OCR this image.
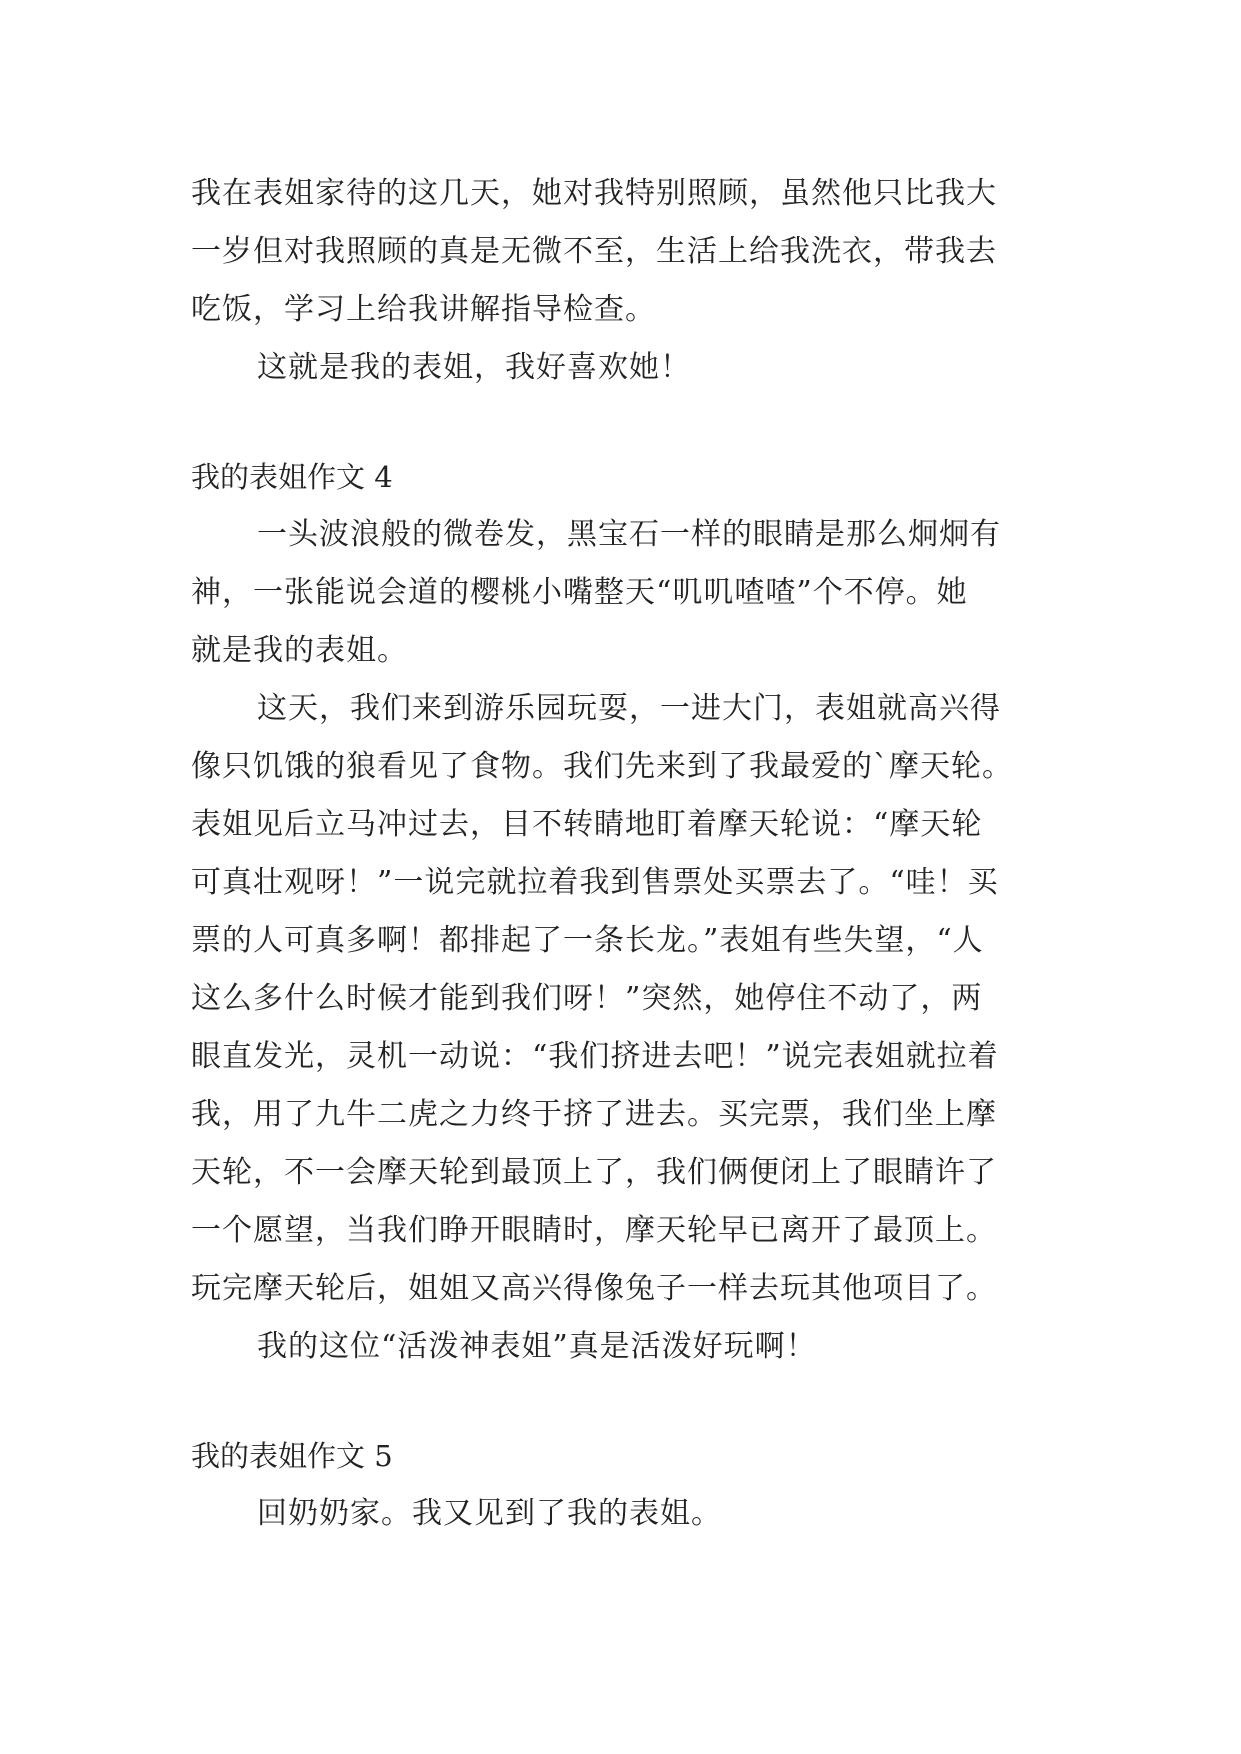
我在表姐家待的这几天，她对我特别照顾，虽然他只比我大
一岁但对我照顾的真是无微不至，生活上给我洗衣，带我去
吃饭，学习上给我讲解指导检查。
这就是我的表姐，我好喜欢她！
我的表姐作文 4
一头波浪般的微卷发，黑宝石一样的眼睛是那么炯炯有
神，一张能说会道的樱桃小嘴整天“叽叽喳喳”个不停。她
就是我的表姐。
这天，我们来到游乐园玩耍，一进大门，表姐就高兴得
像只饥饿的狼看见了食物。我们先来到了我最爱的`摩天轮。
表姐见后立马冲过去，目不转睛地盯着摩天轮说：“摩天轮
可真壮观呀！”一说完就拉着我到售票处买票去了。“哇！买
票的人可真多啊！都排起了一条长龙。”表姐有些失望，“人
这么多什么时候才能到我们呀！”突然，她停住不动了，两
眼直发光，灵机一动说：“我们挤进去吧！”说完表姐就拉着
我，用了九牛二虎之力终于挤了进去。买完票，我们坐上摩
天轮，不一会摩天轮到最顶上了，我们俩便闭上了眼睛许了
一个愿望，当我们睁开眼睛时，摩天轮早已离开了最顶上。
玩完摩天轮后，姐姐又高兴得像兔子一样去玩其他项目了。
我的这位“活泼神表姐”真是活泼好玩啊！
我的表姐作文 5
回奶奶家。我又见到了我的表姐。
